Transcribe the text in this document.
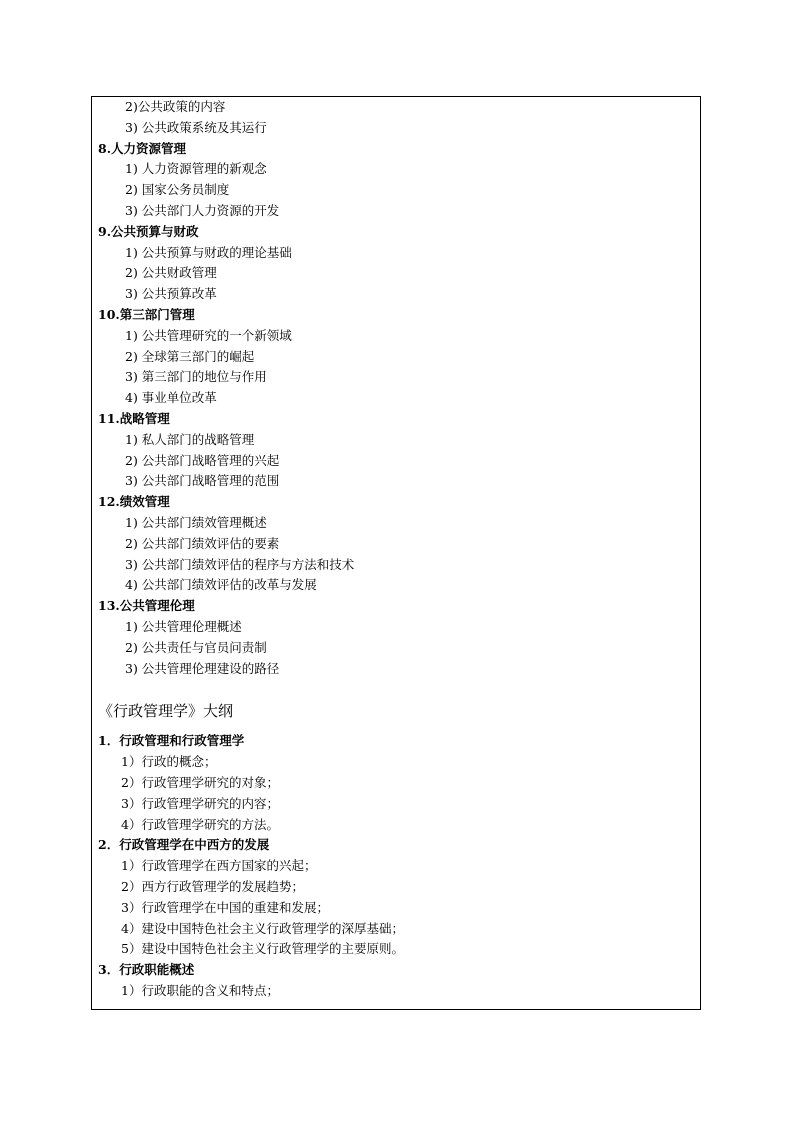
2)公共政策的内容
3) 公共政策系统及其运行
8.人力资源管理
1) 人力资源管理的新观念
2) 国家公务员制度
3) 公共部门人力资源的开发
9.公共预算与财政
1) 公共预算与财政的理论基础
2) 公共财政管理
3) 公共预算改革
10.第三部门管理
1) 公共管理研究的一个新领域
2) 全球第三部门的崛起
3) 第三部门的地位与作用
4) 事业单位改革
11.战略管理
1) 私人部门的战略管理
2) 公共部门战略管理的兴起
3) 公共部门战略管理的范围
12.绩效管理
1) 公共部门绩效管理概述
2) 公共部门绩效评估的要素
3) 公共部门绩效评估的程序与方法和技术
4) 公共部门绩效评估的改革与发展
13.公共管理伦理
1) 公共管理伦理概述
2) 公共责任与官员问责制
3) 公共管理伦理建设的路径
《行政管理学》大纲
1．行政管理和行政管理学
1）行政的概念；
2）行政管理学研究的对象；
3）行政管理学研究的内容；
4）行政管理学研究的方法。
2．行政管理学在中西方的发展
1）行政管理学在西方国家的兴起；
2）西方行政管理学的发展趋势；
3）行政管理学在中国的重建和发展；
4）建设中国特色社会主义行政管理学的深厚基础；
5）建设中国特色社会主义行政管理学的主要原则。
3．行政职能概述
1）行政职能的含义和特点；
